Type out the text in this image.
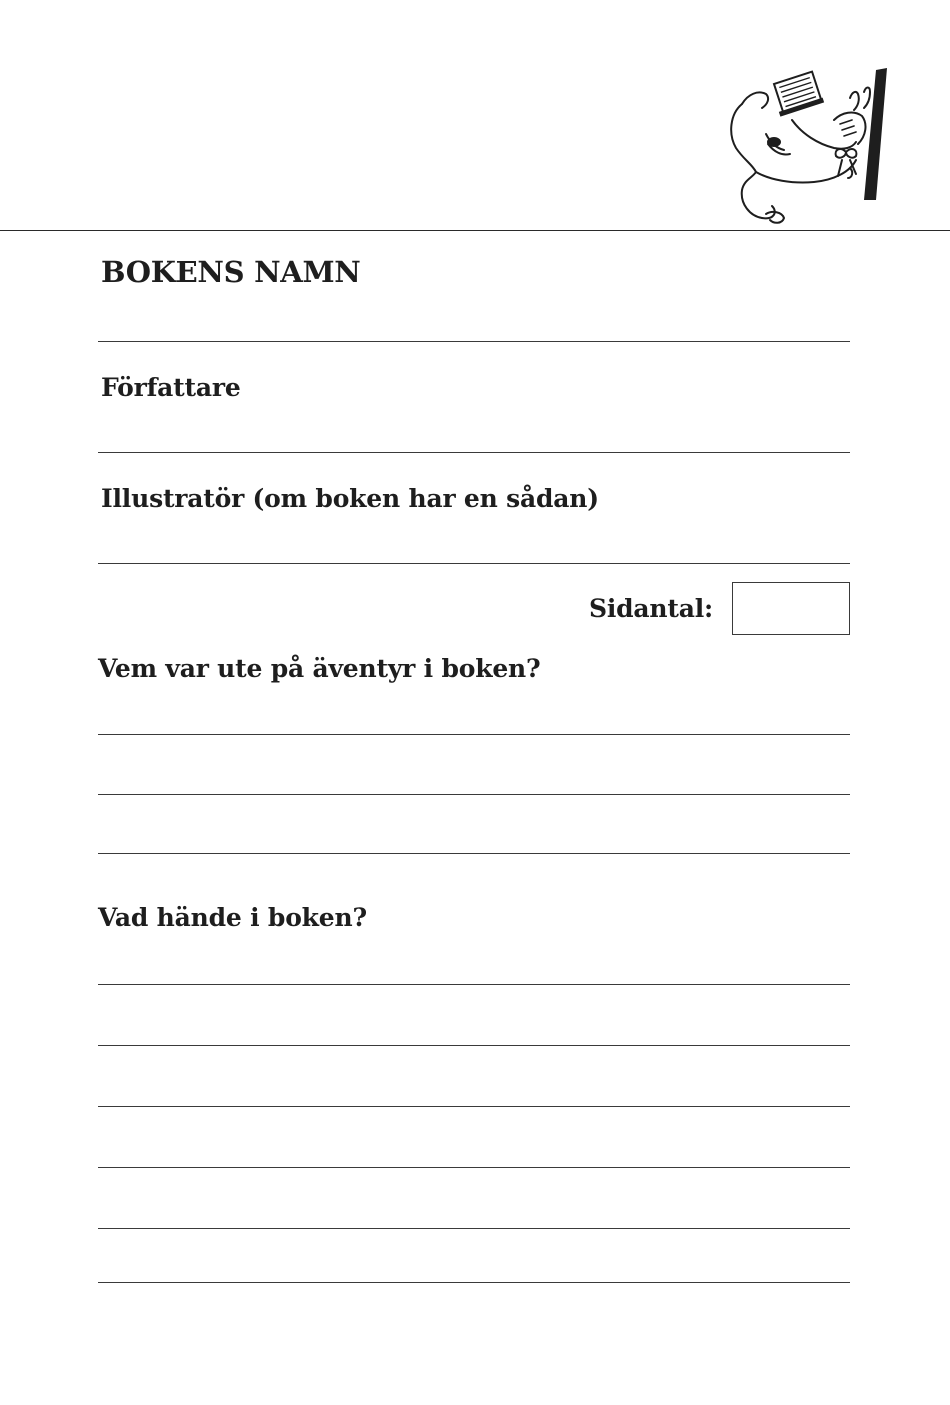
BOKENS NAMN
Författare
Illustratör (om boken har en sådan)
Sidantal:
Vem var ute på äventyr i boken?
Vad hände i boken?
